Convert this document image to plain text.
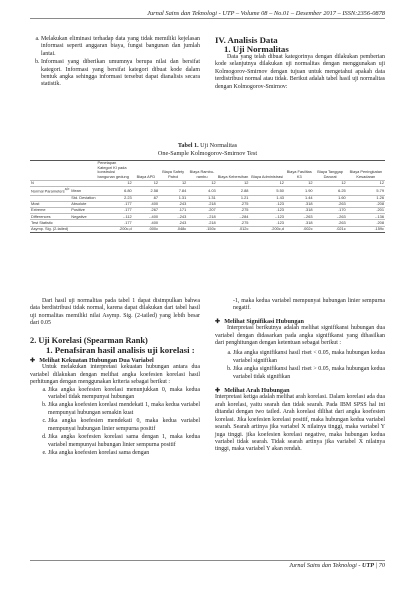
Jurnal Sains dan Teknologi - UTP – Volume 08 – No.01 – Desember 2017 – ISSN:2356-0878
a. Melakukan eliminasi terhadap data yang tidak memiliki kejelasan informasi seperti anggaran biaya, fungsi bangunan dan jumlah lantai.
b. Informasi yang diberikan umumnya berupa nilai dan bersifat kategori. Informasi yang bersifat kategori dibuat kode dalam bentuk angka sehingga informasi tersebut dapat dianalisis secara statistik.
IV. Analisis Data
1. Uji Normalitas

Data yang telah dibuat kategorinya dengan dilakukan pemberian kode selanjutnya dilakukan uji normalitas dengan menggunakan uji Kolmogorov-Smirnov dengan tujuan untuk mengetahui apakah data terdistribusi normal atau tidak. Berikut adalah tabel hasil uji normalitas dengan Kolmogorov-Smirnov:

Tabel 1. Uji Normalitas
One-Sample Kolmogorov-Smirnov Test
		Penetapan Kategori KI pada konstruksi bangunan gedung	Biaya APD	Biaya Safety Patrol	Biaya Rambu-rambu	Biaya Kebersihan	Biaya Administrasi	Biaya Fasilitas K3	Biaya Tanggap Darurat	Biaya Peningkatan Kesadaran
N		12	12	12	12	12	12	12	12	12
Normal Parameters$^{a,b}$	Mean	6.80	2.58	7.84	4.03	2.88	5.50	1.90	6.25	5.79
	Std. Deviation	2.23	.67	1.31	1.31	1.21	1.43	1.44	1.60	1.26
Most	Absolute	.177	.400	.243	.218	.275	.123	.318	.263	.208
Extreme	Positive	.177	.267	.171	.207	.275	.123	.318	.170	.201
Differences	Negative	-.112	-.400	-.243	-.218	-.284	-.123	-.263	-.263	-.136
Test Statistic		.177	.400	.243	.218	.275	.123	.318	.263	.208
Asymp. Sig. (2-tailed)		.200c,d	.000c	.048c	.150c	.012c	.200c,d	.002c	.021c	.159c

Dari hasil uji normalitas pada tabel 1 dapat disimpulkan bahwa data berdistribusi tidak normal, karena dapat dilakukan dari tabel hasil uji normalitas memiliki nilai Asymp. Sig. (2-tailed) yang lebih besar dari 0.05

2. Uji Korelasi (Spearman Rank)
1. Penafsiran hasil analisis uji korelasi :
✚ Melihat Kekuatan Hubungan Dua Variabel

Untuk melakukan interpretasi kekuatan hubungan antara dua variabel dilakukan dengan melihat angka koefesien korelasi hasil perhitungan dengan menggunakan kriteria sebagai berikut :

a. Jika angka koefesien korelasi menunjukkan 0, maka kedua variabel tidak mempunyai hubungan
b. Jika angka koefesien korelasi mendekati 1, maka kedua variabel mempunyai hubungan semakin kuat
c. Jika angka koefesien mendekati 0, maka kedua variabel mempunyai hubungan linier sempurna positif
d. Jika angka koefesien korelasi sama dengan 1, maka kedua variabel mempunyai hubungan linier sempurna positif
e. Jika angka koefesien korelasi sama dengan

-1, maka kedua variabel mempunyai hubungan linier sempurna negatif.

✚ Melihat Signifikasi Hubungan

Interpretasi berikutnya adalah melihat signifikansi hubungan dua variabel dengan didasarkan pada angka signifikansi yang dihasilkan dari penghitungan dengan ketentuan sebagai berikut :

a. Jika angka signifikansi hasil riset < 0.05, maka hubungan kedua variabel signifikan
b. Jika angka signifikansi hasil riset > 0.05, maka hubungan kedua variabel tidak signifikan
✚ Melihat Arah Hubungan

Interpretasi ketiga adalah melihat arah korelasi. Dalam korelasi ada dua arah korelasi, yaitu searah dan tidak searah. Pada IBM SPSS hal ini ditandai dengan two tailed. Arah korelasi dilihat dari angka koefesien korelasi. Jika koefesien korelasi positif, maka hubungan kedua variabel searah. Searah artinya jika variabel X nilainya tinggi, maka variabel Y juga tinggi. jika koefesien korelasi negative, maka hubungan kedua variabel tidak searah. Tidak searah artinya jika variabel X nilainya tinggi, maka variabel Y akan rendah.

Jurnal Sains dan Teknologi - UTP | 70
